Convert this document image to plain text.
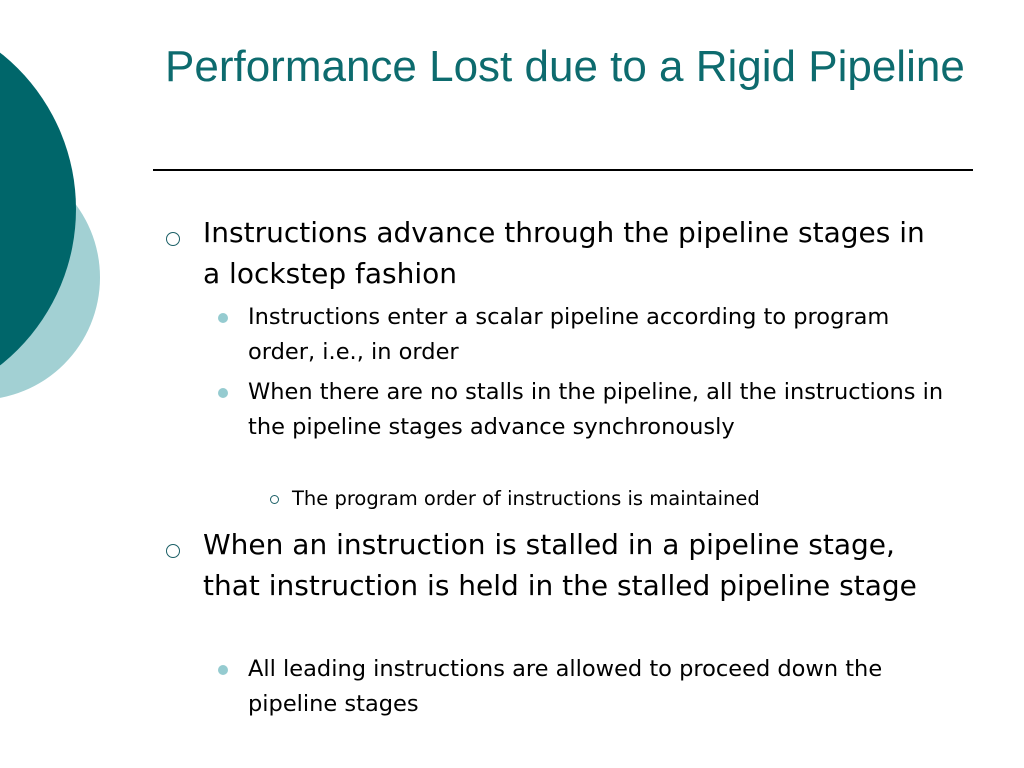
Performance Lost due to a Rigid Pipeline
Instructions advance through the pipeline stages in a lockstep fashion
Instructions enter a scalar pipeline according to program order, i.e., in order
When there are no stalls in the pipeline, all the instructions in the pipeline stages advance synchronously
The program order of instructions is maintained
When an instruction is stalled in a pipeline stage, that instruction is held in the stalled pipeline stage
All leading instructions are allowed to proceed down the pipeline stages
